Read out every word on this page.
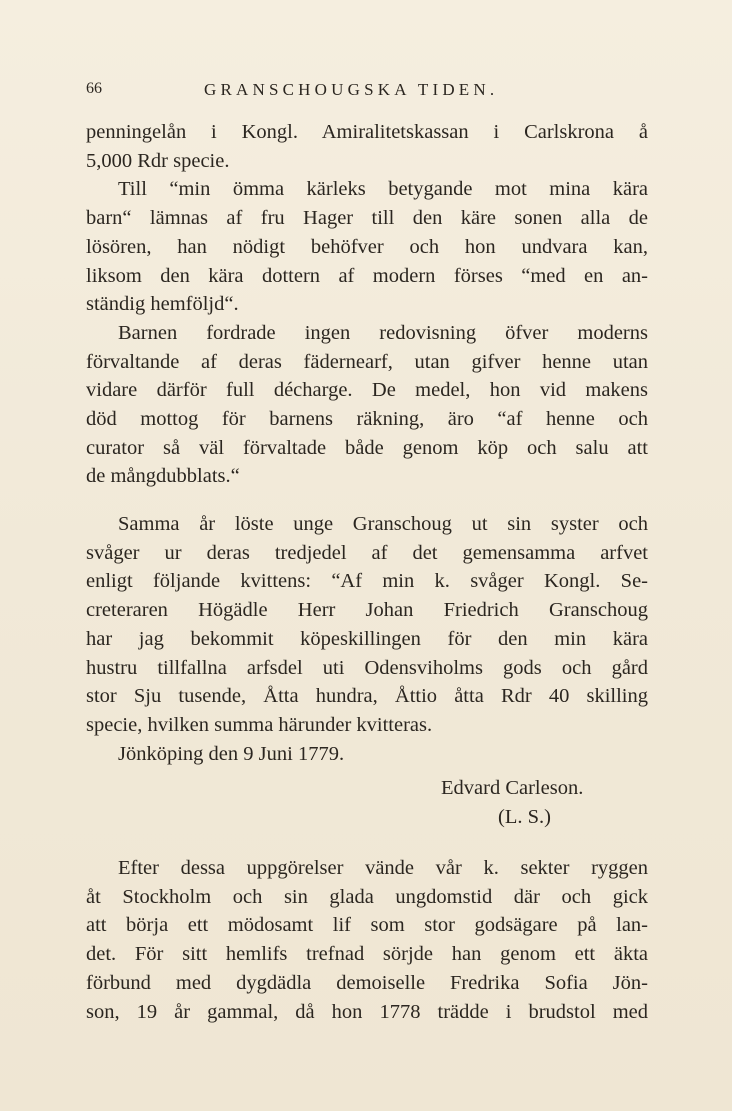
66	GRANSCHOUGSKA TIDEN.
penningelån i Kongl. Amiralitetskassan i Carlskrona å
5,000 Rdr specie.
Till “min ömma kärleks betygande mot mina kära
barn“ lämnas af fru Hager till den käre sonen alla de
lösören, han nödigt behöfver och hon undvara kan,
liksom den kära dottern af modern förses “med en an-
ständig hemföljd“.
Barnen fordrade ingen redovisning öfver moderns
förvaltande af deras fädernearf, utan gifver henne utan
vidare därför full décharge. De medel, hon vid makens
död mottog för barnens räkning, äro “af henne och
curator så väl förvaltade både genom köp och salu att
de mångdubblats.“
Samma år löste unge Granschoug ut sin syster och
svåger ur deras tredjedel af det gemensamma arfvet
enligt följande kvittens: “Af min k. svåger Kongl. Se-
creteraren Högädle Herr Johan Friedrich Granschoug
har jag bekommit köpeskillingen för den min kära
hustru tillfallna arfsdel uti Odensviholms gods och gård
stor Sju tusende, Åtta hundra, Åttio åtta Rdr 40 skilling
specie, hvilken summa härunder kvitteras.
Jönköping den 9 Juni 1779.
Edvard Carleson.
(L. S.)
Efter dessa uppgörelser vände vår k. sekter ryggen
åt Stockholm och sin glada ungdomstid där och gick
att börja ett mödosamt lif som stor godsägare på lan-
det. För sitt hemlifs trefnad sörjde han genom ett äkta
förbund med dygdädla demoiselle Fredrika Sofia Jön-
son, 19 år gammal, då hon 1778 trädde i brudstol med
